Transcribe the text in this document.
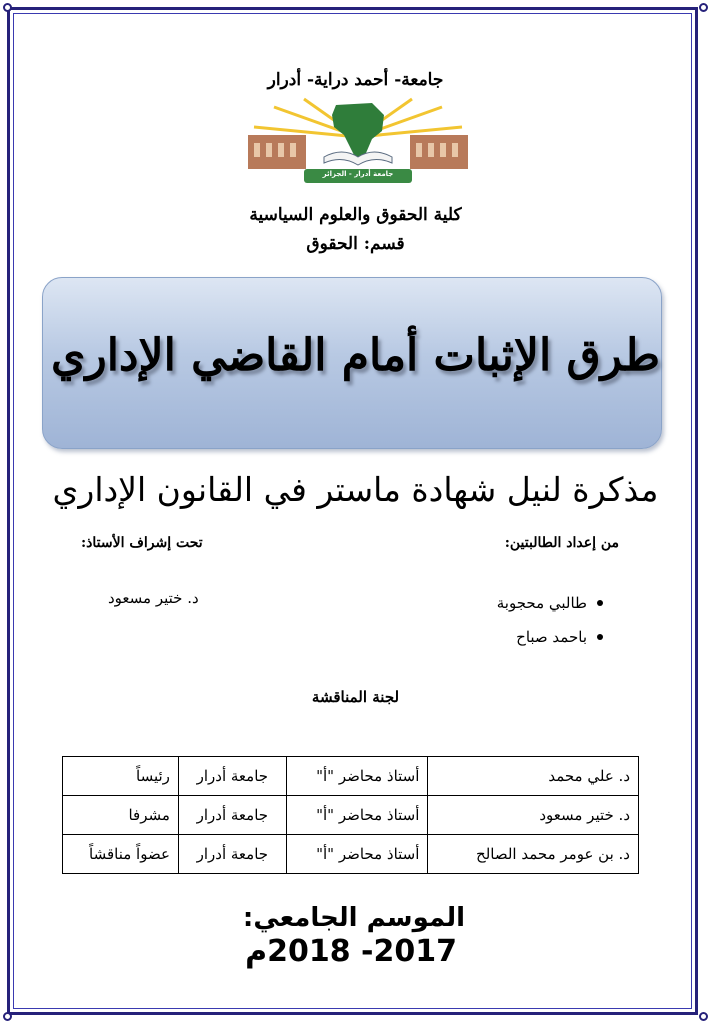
جامعة- أحمد دراية- أدرار
جامعة أدرار - الجزائر
كلية الحقوق والعلوم السياسية
قسم: الحقوق
طرق الإثبات أمام القاضي الإداري
مذكرة لنيل شهادة ماستر في القانون الإداري
من إعداد الطالبتين:
تحت إشراف الأستاذ:
طالبي محجوبة
باحمد صباح
د. ختير مسعود
لجنة المناقشة
د. علي محمد	أستاذ محاضر "أ"	جامعة أدرار	رئيساً
د. ختير مسعود	أستاذ محاضر "أ"	جامعة أدرار	مشرفا
د. بن عومر محمد الصالح	أستاذ محاضر "أ"	جامعة أدرار	عضواً مناقشاً
الموسم الجامعي:
2017- 2018م
